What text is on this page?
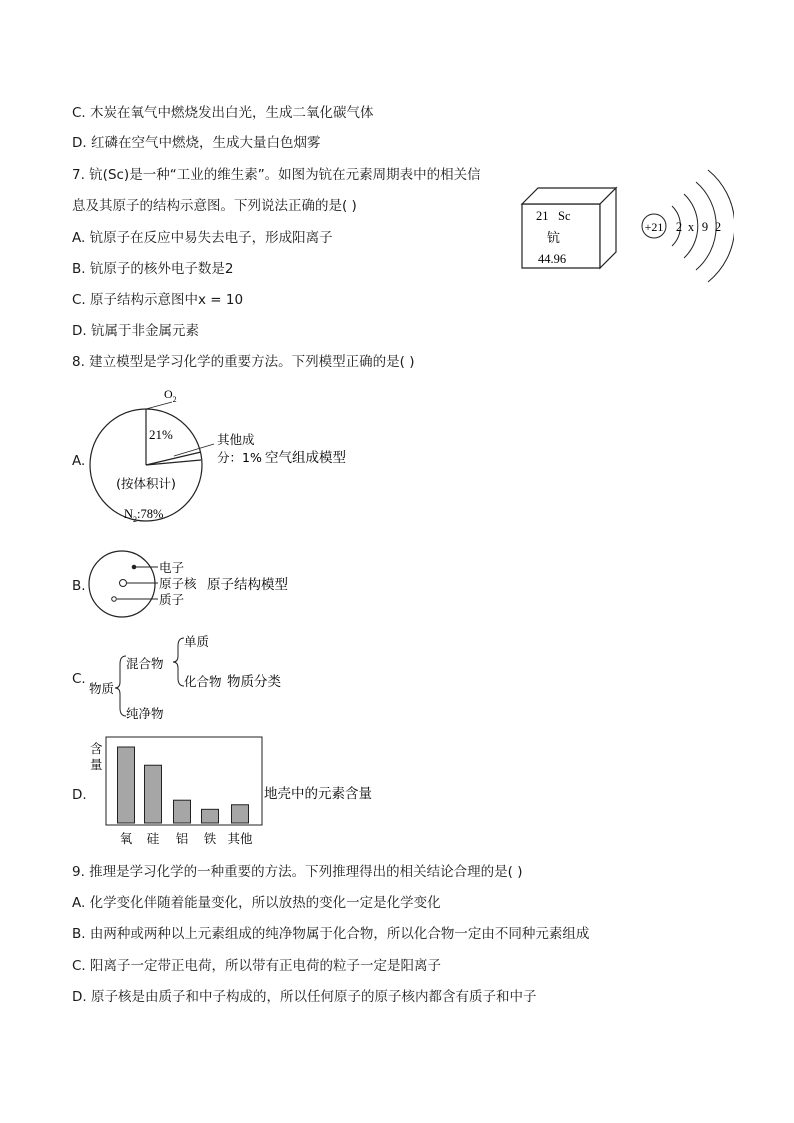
C. 木炭在氧气中燃烧发出白光，生成二氧化碳气体
D. 红磷在空气中燃烧，生成大量白色烟雾
7. 钪(Sc)是一种“工业的维生素”。如图为钪在元素周期表中的相关信
息及其原子的结构示意图。下列说法正确的是( )
A. 钪原子在反应中易失去电子，形成阳离子
B. 钪原子的核外电子数是2
C. 原子结构示意图中x = 10
D. 钪属于非金属元素
21 Sc
钪
44.96
+21 2 x 9 2
8. 建立模型是学习化学的重要方法。下列模型正确的是( )
A.
$O_2$
21%	其他成
分：1% 空气组成模型
(按体积计)
$N_2:78\%$
B.
电子
原子核 原子结构模型
质子
C.
物质
混合物
纯净物
单质
化合物 物质分类
D.
含
量
地壳中的元素含量
氧 硅 铝 铁 其他
9. 推理是学习化学的一种重要的方法。下列推理得出的相关结论合理的是( )
A. 化学变化伴随着能量变化，所以放热的变化一定是化学变化
B. 由两种或两种以上元素组成的纯净物属于化合物，所以化合物一定由不同种元素组成
C. 阳离子一定带正电荷，所以带有正电荷的粒子一定是阳离子
D. 原子核是由质子和中子构成的，所以任何原子的原子核内都含有质子和中子
